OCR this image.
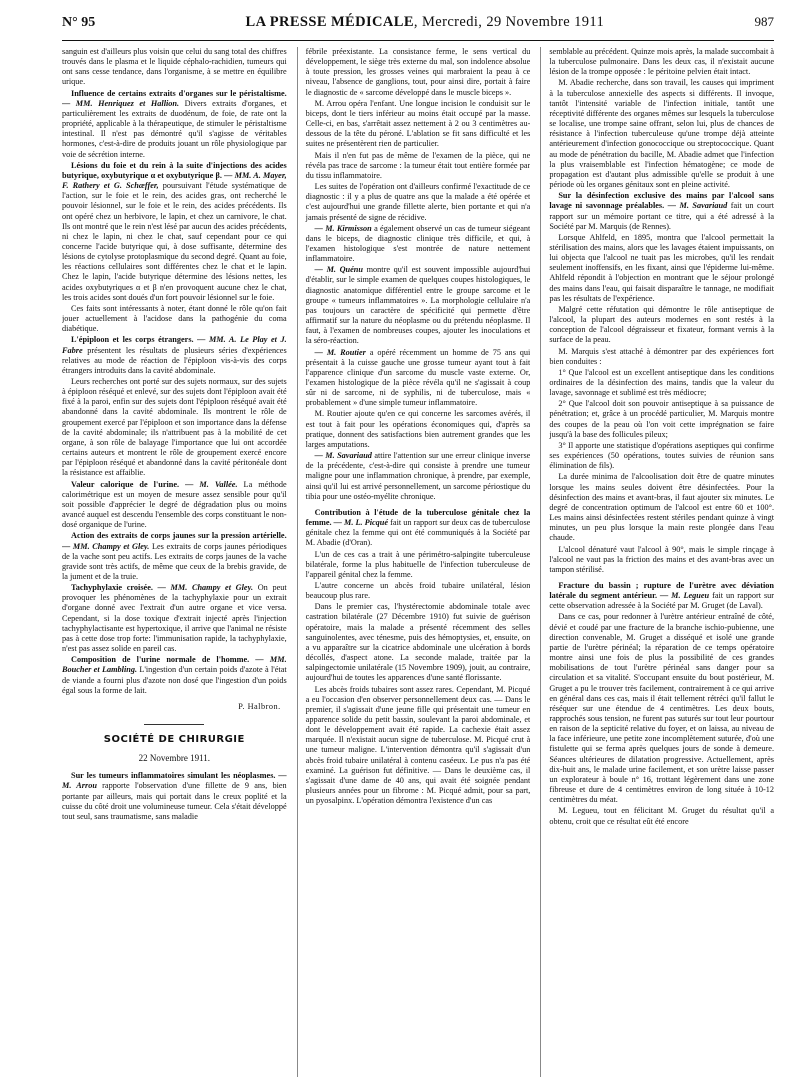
N° 95	LA PRESSE MÉDICALE, Mercredi, 29 Novembre 1911	987

sanguin est d'ailleurs plus voisin que celui du sang total des chiffres trouvés dans le plasma et le liquide céphalo-rachidien, tumeurs qui ont sans cesse tendance, dans l'organisme, à se mettre en équilibre urique.

Influence de certains extraits d'organes sur le péristaltisme. — MM. Henriquez et Hallion. Divers extraits d'organes, et particulièrement les extraits de duodénum, de foie, de rate ont la propriété, applicable à la thérapeutique, de stimuler le péristaltisme intestinal. Il n'est pas démontré qu'il s'agisse de véritables hormones, c'est-à-dire de produits jouant un rôle physiologique par voie de sécrétion interne.

Lésions du foie et du rein à la suite d'injections des acides butyrique, oxybutyrique α et oxybutyrique β. — MM. A. Mayer, F. Rathery et G. Schæffer, poursuivant l'étude systématique de l'action, sur le foie et le rein, des acides gras, ont recherché le pouvoir lésionnel, sur le foie et le rein, des acides précédents. Ils ont opéré chez un herbivore, le lapin, et chez un carnivore, le chat. Ils ont montré que le rein n'est lésé par aucun des acides précédents, ni chez le lapin, ni chez le chat, sauf cependant pour ce qui concerne l'acide butyrique qui, à dose suffisante, détermine des lésions de cytolyse protoplasmique du second degré. Quant au foie, les réactions cellulaires sont différentes chez le chat et le lapin. Chez le lapin, l'acide butyrique détermine des lésions nettes, les acides oxybutyriques α et β n'en provoquent aucune chez le chat, les trois acides sont doués d'un fort pouvoir lésionnel sur le foie.

Ces faits sont intéressants à noter, étant donné le rôle qu'on fait jouer actuellement à l'acidose dans la pathogénie du coma diabétique.

L'épiploon et les corps étrangers. — MM. A. Le Play et J. Fabre présentent les résultats de plusieurs séries d'expériences relatives au mode de réaction de l'épiploon vis-à-vis des corps étrangers introduits dans la cavité abdominale.

Leurs recherches ont porté sur des sujets normaux, sur des sujets à épiploon réséqué et enlevé, sur des sujets dont l'épiploon avait été fixé à la paroi, enfin sur des sujets dont l'épiploon réséqué avait été abandonné dans la cavité abdominale. Ils montrent le rôle de groupement exercé par l'épiploon et son importance dans la défense de la cavité abdominale; ils n'attribuent pas à la mobilité de cet organe, à son rôle de balayage l'importance que lui ont accordée certains auteurs et montrent le rôle de groupement exercé encore par l'épiploon réséqué et abandonné dans la cavité péritonéale dont la résistance est affaiblie.

Valeur calorique de l'urine. — M. Vallée. La méthode calorimétrique est un moyen de mesure assez sensible pour qu'il soit possible d'apprécier le degré de dégradation plus ou moins avancé auquel est descendu l'ensemble des corps constituant le non-dosé organique de l'urine.

Action des extraits de corps jaunes sur la pression artérielle. — MM. Champy et Gley. Les extraits de corps jaunes périodiques de la vache sont peu actifs. Les extraits de corps jaunes de la vache gravide sont très actifs, de même que ceux de la brebis gravide, de la jument et de la truie.

Tachyphylaxie croisée. — MM. Champy et Gley. On peut provoquer les phénomènes de la tachyphylaxie pour un extrait d'organe donné avec l'extrait d'un autre organe et vice versa. Cependant, si la dose toxique d'extrait injecté après l'injection tachyphylactisante est hypertoxique, il arrive que l'animal ne résiste pas à cette dose trop forte: l'immunisation rapide, la tachyphylaxie, n'est pas assez solide en pareil cas.

Composition de l'urine normale de l'homme. — MM. Boucher et Lambling. L'ingestion d'un certain poids d'azote à l'état de viande a fourni plus d'azote non dosé que l'ingestion d'un poids égal sous la forme de lait.

P. Halbron.
SOCIÉTÉ DE CHIRURGIE
22 Novembre 1911.

Sur les tumeurs inflammatoires simulant les néoplasmes. — M. Arrou rapporte l'observation d'une fillette de 9 ans, bien portante par ailleurs, mais qui portait dans le creux poplité et la cuisse du côté droit une volumineuse tumeur. Cela s'était développé tout seul, sans traumatisme, sans maladie

fébrile préexistante. La consistance ferme, le sens vertical du développement, le siège très externe du mal, son indolence absolue à toute pression, les grosses veines qui marbraient la peau à ce niveau, l'absence de ganglions, tout, pour ainsi dire, portait à faire le diagnostic de « sarcome développé dans le muscle biceps ».

M. Arrou opéra l'enfant. Une longue incision le conduisit sur le biceps, dont le tiers inférieur au moins était occupé par la masse. Celle-ci, en bas, s'arrêtait assez nettement à 2 ou 3 centimètres au-dessous de la tête du péroné. L'ablation se fit sans difficulté et les suites ne présentèrent rien de particulier.

Mais il n'en fut pas de même de l'examen de la pièce, qui ne révéla pas trace de sarcome : la tumeur était tout entière formée par du tissu inflammatoire.

Les suites de l'opération ont d'ailleurs confirmé l'exactitude de ce diagnostic : il y a plus de quatre ans que la malade a été opérée et c'est aujourd'hui une grande fillette alerte, bien portante et qui n'a jamais présenté de signe de récidive.

— M. Kirmisson a également observé un cas de tumeur siégeant dans le biceps, de diagnostic clinique très difficile, et qui, à l'examen histologique s'est montrée de nature nettement inflammatoire.

— M. Quénu montre qu'il est souvent impossible aujourd'hui d'établir, sur le simple examen de quelques coupes histologiques, le diagnostic anatomique différentiel entre le groupe sarcome et le groupe « tumeurs inflammatoires ». La morphologie cellulaire n'a pas toujours un caractère de spécificité qui permette d'être affirmatif sur la nature du néoplasme ou du prétendu néoplasme. Il faut, à l'examen de nombreuses coupes, ajouter les inoculations et la séro-réaction.

— M. Routier a opéré récemment un homme de 75 ans qui présentait à la cuisse gauche une grosse tumeur ayant tout à fait l'apparence clinique d'un sarcome du muscle vaste externe. Or, l'examen histologique de la pièce révéla qu'il ne s'agissait à coup sûr ni de sarcome, ni de syphilis, ni de tuberculose, mais « probablement » d'une simple tumeur inflammatoire.

M. Routier ajoute qu'en ce qui concerne les sarcomes avérés, il est tout à fait pour les opérations économiques qui, d'après sa pratique, donnent des satisfactions bien autrement grandes que les larges amputations.

— M. Savariaud attire l'attention sur une erreur clinique inverse de la précédente, c'est-à-dire qui consiste à prendre une tumeur maligne pour une inflammation chronique, à prendre, par exemple, ainsi qu'il lui est arrivé personnellement, un sarcome périostique du tibia pour une ostéo-myélite chronique.

Contribution à l'étude de la tuberculose génitale chez la femme. — M. L. Picqué fait un rapport sur deux cas de tuberculose génitale chez la femme qui ont été communiqués à la Société par M. Abadie (d'Oran).

L'un de ces cas a trait à une périmétro-salpingite tuberculeuse bilatérale, forme la plus habituelle de l'infection tuberculeuse de l'appareil génital chez la femme.

L'autre concerne un abcès froid tubaire unilatéral, lésion beaucoup plus rare.

Dans le premier cas, l'hystérectomie abdominale totale avec castration bilatérale (27 Décembre 1910) fut suivie de guérison opératoire, mais la malade a présenté récemment des selles sanguinolentes, avec ténesme, puis des hémoptysies, et, ensuite, on a vu apparaître sur la cicatrice abdominale une ulcération à bords décollés, d'aspect atone. La seconde malade, traitée par la salpingectomie unilatérale (15 Novembre 1909), jouit, au contraire, aujourd'hui de toutes les apparences d'une santé florissante.

Les abcès froids tubaires sont assez rares. Cependant, M. Picqué a eu l'occasion d'en observer personnellement deux cas. — Dans le premier, il s'agissait d'une jeune fille qui présentait une tumeur en apparence solide du petit bassin, soulevant la paroi abdominale, et dont le développement avait été rapide. La cachexie était assez marquée. Il n'existait aucun signe de tuberculose. M. Picqué crut à une tumeur maligne. L'intervention démontra qu'il s'agissait d'un abcès froid tubaire unilatéral à contenu caséeux. Le pus n'a pas été examiné. La guérison fut définitive. — Dans le deuxième cas, il s'agissait d'une dame de 40 ans, qui avait été soignée pendant plusieurs années pour un fibrome : M. Picqué admit, pour sa part, un pyosalpinx. L'opération démontra l'existence d'un cas

semblable au précédent. Quinze mois après, la malade succombait à la tuberculose pulmonaire. Dans les deux cas, il n'existait aucune lésion de la trompe opposée : le péritoine pelvien était intact.

M. Abadie recherche, dans son travail, les causes qui impriment à la tuberculose annexielle des aspects si différents. Il invoque, tantôt l'intensité variable de l'infection initiale, tantôt une réceptivité différente des organes mêmes sur lesquels la tuberculose se localise, une trompe saine offrant, selon lui, plus de chances de résistance à l'infection tuberculeuse qu'une trompe déjà atteinte antérieurement d'infection gonococcique ou streptococcique. Quant au mode de pénétration du bacille, M. Abadie admet que l'infection la plus vraisemblable est l'infection hématogène; ce mode de propagation est d'autant plus admissible qu'elle se produit à une période où les organes génitaux sont en pleine activité.

Sur la désinfection exclusive des mains par l'alcool sans lavage ni savonnage préalables. — M. Savariaud fait un court rapport sur un mémoire portant ce titre, qui a été adressé à la Société par M. Marquis (de Rennes).

Lorsque Ahlfeld, en 1895, montra que l'alcool permettait la stérilisation des mains, alors que les lavages étaient impuissants, on lui objecta que l'alcool ne tuait pas les microbes, qu'il les rendait seulement inoffensifs, en les fixant, ainsi que l'épiderme lui-même. Ahlfeld répondit à l'objection en montrant que le séjour prolongé des mains dans l'eau, qui faisait disparaître le tannage, ne modifiait pas les résultats de l'expérience.

Malgré cette réfutation qui démontre le rôle antiseptique de l'alcool, la plupart des auteurs modernes en sont restés à la conception de l'alcool dégraisseur et fixateur, formant vernis à la surface de la peau.

M. Marquis s'est attaché à démontrer par des expériences fort bien conduites :

1° Que l'alcool est un excellent antiseptique dans les conditions ordinaires de la désinfection des mains, tandis que la valeur du lavage, savonnage et sublimé est très médiocre;

2° Que l'alcool doit son pouvoir antiseptique à sa puissance de pénétration; et, grâce à un procédé particulier, M. Marquis montre des coupes de la peau où l'on voit cette imprégnation se faire jusqu'à la base des follicules pileux;

3° Il apporte une statistique d'opérations aseptiques qui confirme ses expériences (50 opérations, toutes suivies de réunion sans élimination de fils).

La durée minima de l'alcoolisation doit être de quatre minutes lorsque les mains seules doivent être désinfectées. Pour la désinfection des mains et avant-bras, il faut ajouter six minutes. Le degré de concentration optimum de l'alcool est entre 60 et 100°. Les mains ainsi désinfectées restent stériles pendant quinze à vingt minutes, un peu plus lorsque la main reste plongée dans l'eau chaude.

L'alcool dénaturé vaut l'alcool à 90°, mais le simple rinçage à l'alcool ne vaut pas la friction des mains et des avant-bras avec un tampon stérilisé.

Fracture du bassin ; rupture de l'urètre avec déviation latérale du segment antérieur. — M. Legueu fait un rapport sur cette observation adressée à la Société par M. Gruget (de Laval).

Dans ce cas, pour redonner à l'urètre antérieur entraîné de côté, dévié et coudé par une fracture de la branche ischio-pubienne, une direction convenable, M. Gruget a disséqué et isolé une grande partie de l'urètre périnéal; la réparation de ce temps opératoire montre ainsi une fois de plus la possibilité de ces grandes mobilisations de tout l'urètre périnéal sans danger pour sa circulation et sa vitalité. S'occupant ensuite du bout postérieur, M. Gruget a pu le trouver très facilement, contrairement à ce qui arrive en général dans ces cas, mais il était tellement rétréci qu'il fallut le réséquer sur une étendue de 4 centimètres. Les deux bouts, rapprochés sous tension, ne furent pas suturés sur tout leur pourtour en raison de la septicité relative du foyer, et on laissa, au niveau de la face inférieure, une petite zone incomplètement suturée, d'où une fistulette qui se ferma après quelques jours de sonde à demeure. Séances ultérieures de dilatation progressive. Actuellement, après dix-huit ans, le malade urine facilement, et son urètre laisse passer un explorateur à boule n° 16, trottant légèrement dans une zone fibreuse et dure de 4 centimètres environ de long située à 10-12 centimètres du méat.

M. Legueu, tout en félicitant M. Gruget du résultat qu'il a obtenu, croit que ce résultat eût été encore
